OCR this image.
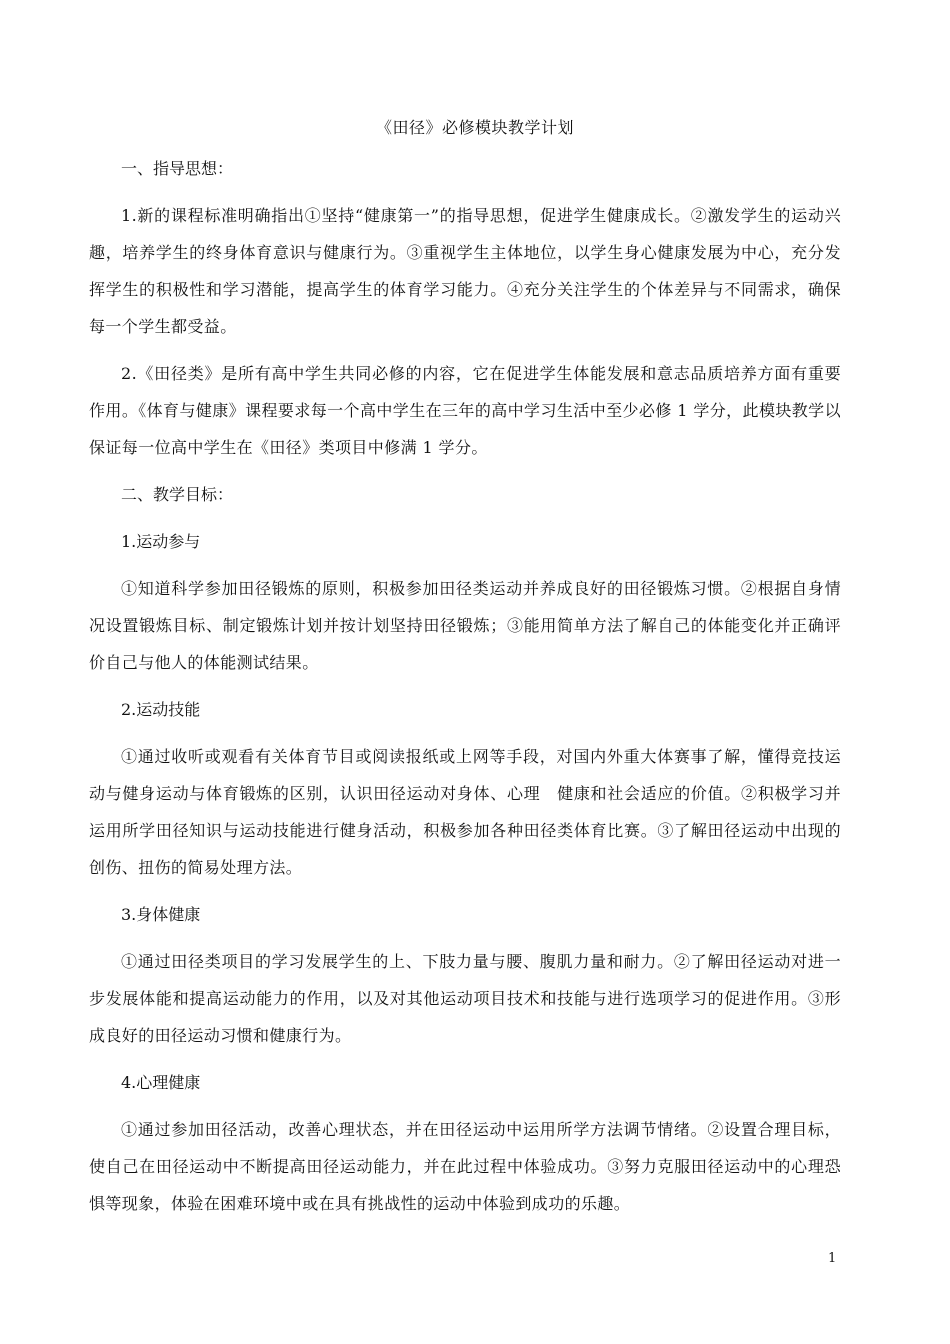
《田径》必修模块教学计划
一、指导思想：

1.新的课程标准明确指出①坚持“健康第一”的指导思想，促进学生健康成长。②激发学生的运动兴趣，培养学生的终身体育意识与健康行为。③重视学生主体地位，以学生身心健康发展为中心，充分发挥学生的积极性和学习潜能，提高学生的体育学习能力。④充分关注学生的个体差异与不同需求，确保每一个学生都受益。

2.《田径类》是所有高中学生共同必修的内容，它在促进学生体能发展和意志品质培养方面有重要作用。《体育与健康》课程要求每一个高中学生在三年的高中学习生活中至少必修 1 学分，此模块教学以保证每一位高中学生在《田径》类项目中修满 1 学分。

二、教学目标：
1.运动参与

①知道科学参加田径锻炼的原则，积极参加田径类运动并养成良好的田径锻炼习惯。②根据自身情况设置锻炼目标、制定锻炼计划并按计划坚持田径锻炼；③能用简单方法了解自己的体能变化并正确评价自己与他人的体能测试结果。

2.运动技能

①通过收听或观看有关体育节目或阅读报纸或上网等手段，对国内外重大体赛事了解，懂得竞技运动与健身运动与体育锻炼的区别，认识田径运动对身体、心理　健康和社会适应的价值。②积极学习并运用所学田径知识与运动技能进行健身活动，积极参加各种田径类体育比赛。③了解田径运动中出现的创伤、扭伤的简易处理方法。

3.身体健康

①通过田径类项目的学习发展学生的上、下肢力量与腰、腹肌力量和耐力。②了解田径运动对进一步发展体能和提高运动能力的作用，以及对其他运动项目技术和技能与进行选项学习的促进作用。③形成良好的田径运动习惯和健康行为。

4.心理健康

①通过参加田径活动，改善心理状态，并在田径运动中运用所学方法调节情绪。②设置合理目标，使自己在田径运动中不断提高田径运动能力，并在此过程中体验成功。③努力克服田径运动中的心理恐惧等现象，体验在困难环境中或在具有挑战性的运动中体验到成功的乐趣。

1
